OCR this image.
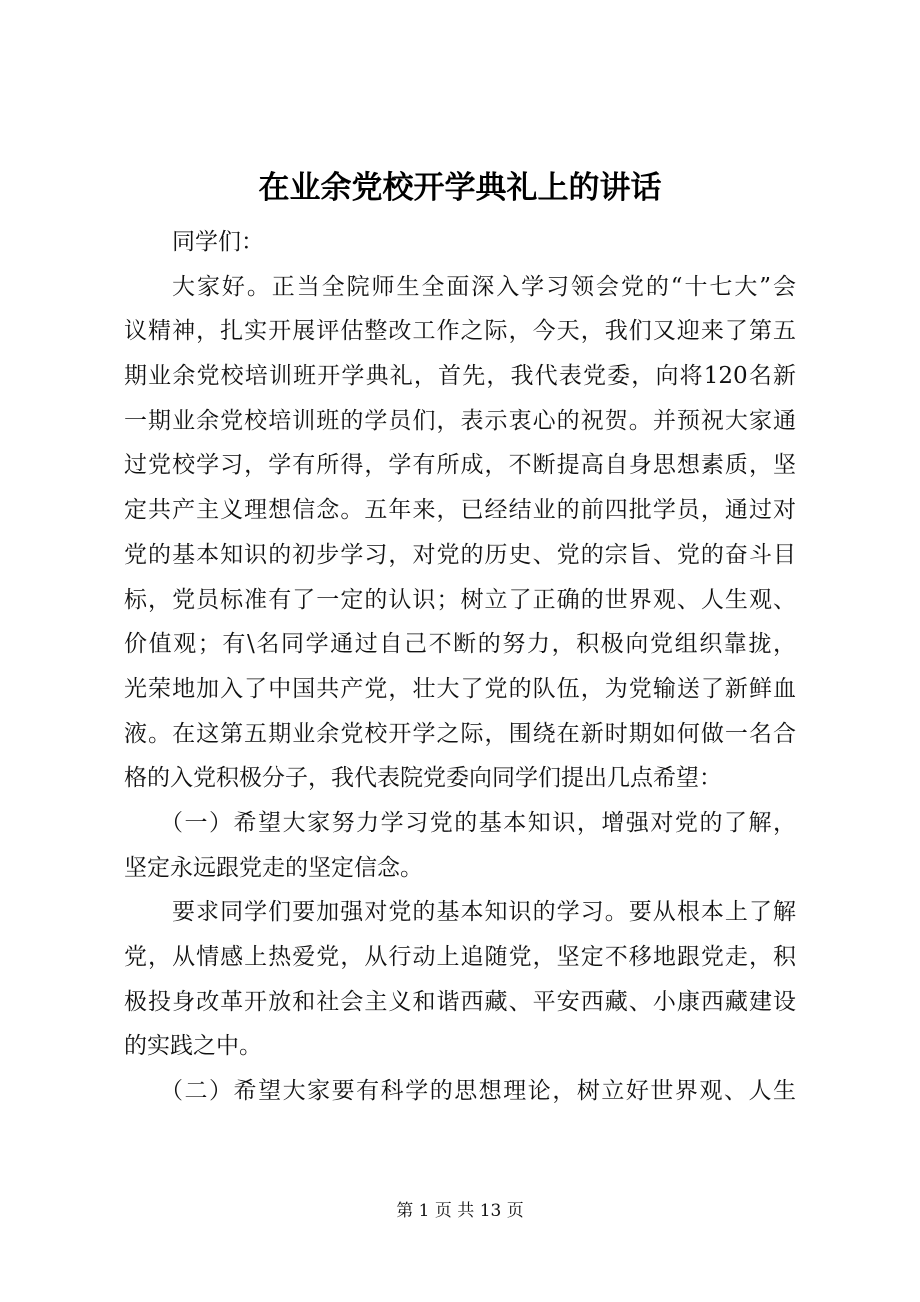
在业余党校开学典礼上的讲话
同学们：
大家好。正当全院师生全面深入学习领会党的“十七大”会
议精神，扎实开展评估整改工作之际，今天，我们又迎来了第五
期业余党校培训班开学典礼，首先，我代表党委，向将120名新
一期业余党校培训班的学员们，表示衷心的祝贺。并预祝大家通
过党校学习，学有所得，学有所成，不断提高自身思想素质，坚
定共产主义理想信念。五年来，已经结业的前四批学员，通过对
党的基本知识的初步学习，对党的历史、党的宗旨、党的奋斗目
标，党员标准有了一定的认识；树立了正确的世界观、人生观、
价值观；有\名同学通过自己不断的努力，积极向党组织靠拢，
光荣地加入了中国共产党，壮大了党的队伍，为党输送了新鲜血
液。在这第五期业余党校开学之际，围绕在新时期如何做一名合
格的入党积极分子，我代表院党委向同学们提出几点希望：
（一）希望大家努力学习党的基本知识，增强对党的了解，
坚定永远跟党走的坚定信念。
要求同学们要加强对党的基本知识的学习。要从根本上了解
党，从情感上热爱党，从行动上追随党，坚定不移地跟党走，积
极投身改革开放和社会主义和谐西藏、平安西藏、小康西藏建设
的实践之中。
（二）希望大家要有科学的思想理论，树立好世界观、人生
第 1 页 共 13 页
